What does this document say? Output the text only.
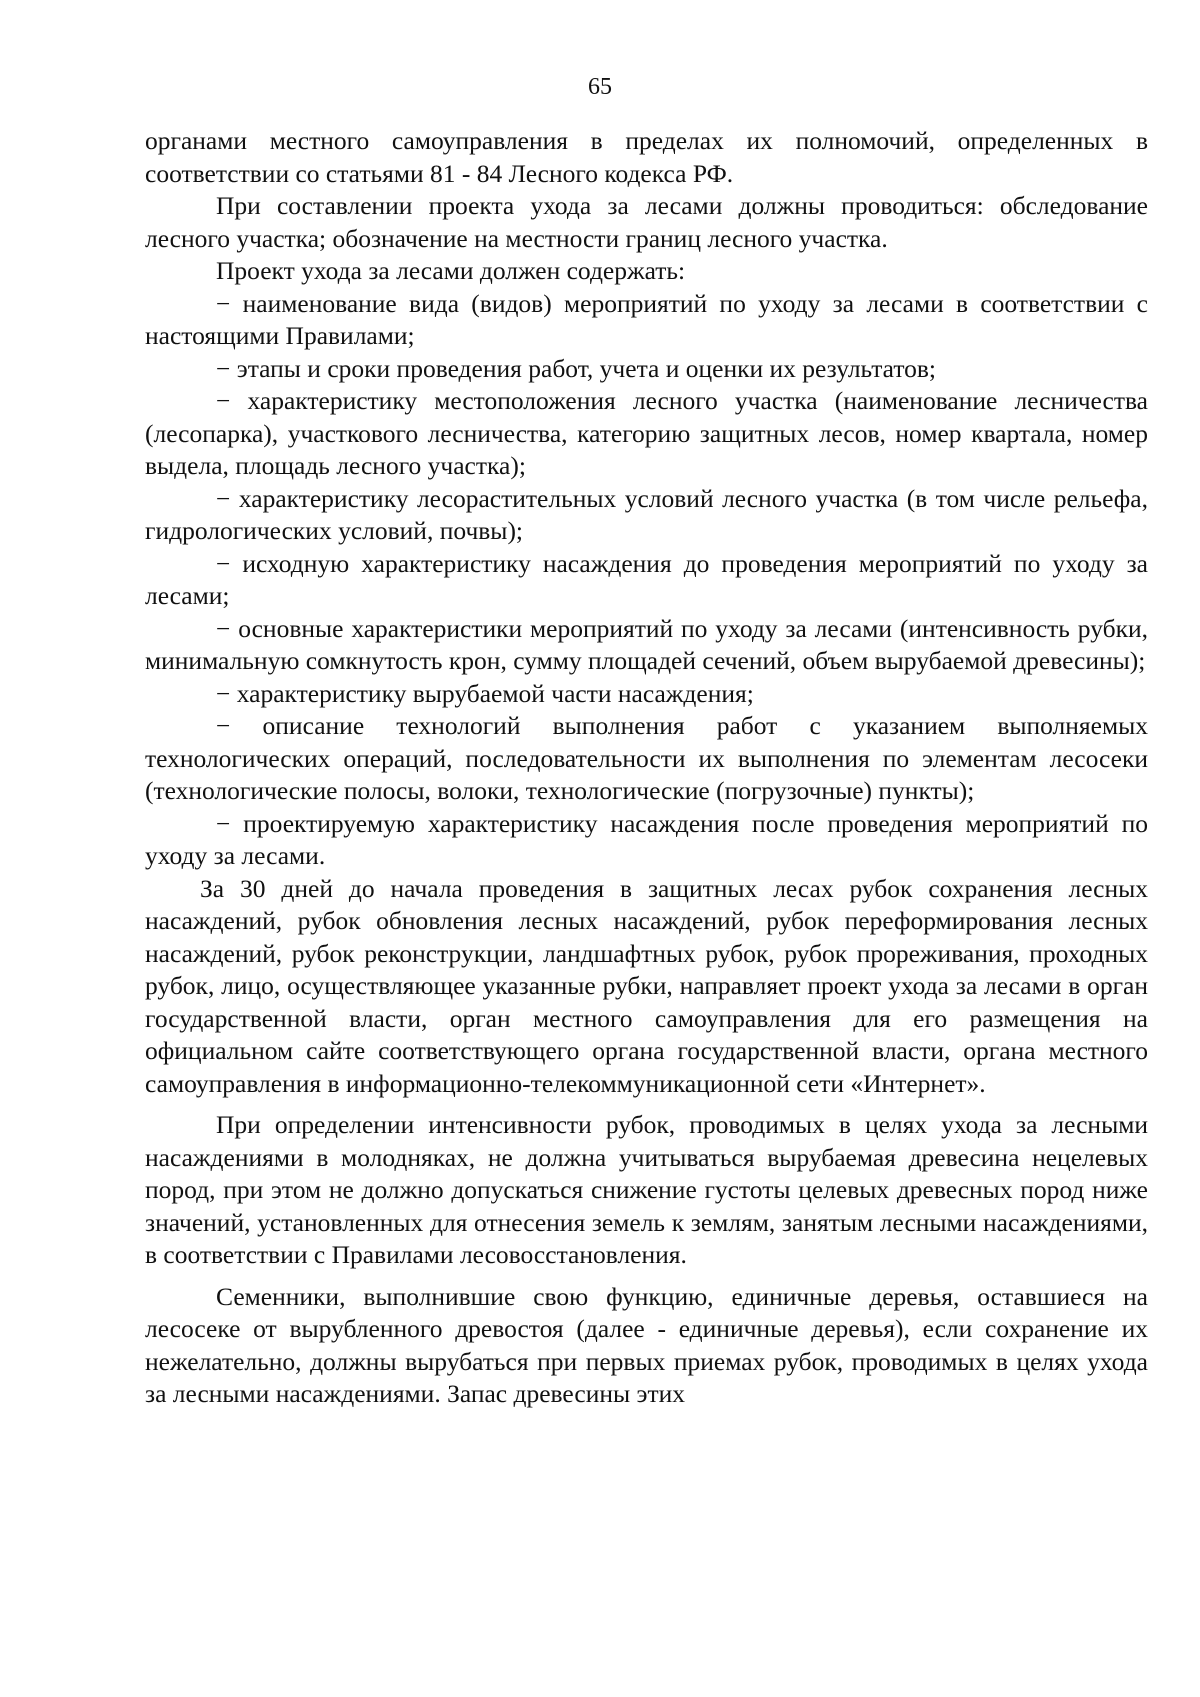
65

органами местного самоуправления в пределах их полномочий, определенных в соответствии со статьями 81 - 84 Лесного кодекса РФ.

При составлении проекта ухода за лесами должны проводиться: обследование лесного участка; обозначение на местности границ лесного участка.

Проект ухода за лесами должен содержать:

− наименование вида (видов) мероприятий по уходу за лесами в соответствии с настоящими Правилами;

− этапы и сроки проведения работ, учета и оценки их результатов;

− характеристику местоположения лесного участка (наименование лесничества (лесопарка), участкового лесничества, категорию защитных лесов, номер квартала, номер выдела, площадь лесного участка);

− характеристику лесорастительных условий лесного участка (в том числе рельефа, гидрологических условий, почвы);

− исходную характеристику насаждения до проведения мероприятий по уходу за лесами;

− основные характеристики мероприятий по уходу за лесами (интенсивность рубки, минимальную сомкнутость крон, сумму площадей сечений, объем вырубаемой древесины);

− характеристику вырубаемой части насаждения;

− описание технологий выполнения работ с указанием выполняемых технологических операций, последовательности их выполнения по элементам лесосеки (технологические полосы, волоки, технологические (погрузочные) пункты);

− проектируемую характеристику насаждения после проведения мероприятий по уходу за лесами.

За 30 дней до начала проведения в защитных лесах рубок сохранения лесных насаждений, рубок обновления лесных насаждений, рубок переформирования лесных насаждений, рубок реконструкции, ландшафтных рубок, рубок прореживания, проходных рубок, лицо, осуществляющее указанные рубки, направляет проект ухода за лесами в орган государственной власти, орган местного самоуправления для его размещения на официальном сайте соответствующего органа государственной власти, органа местного самоуправления в информационно-телекоммуникационной сети «Интернет».

При определении интенсивности рубок, проводимых в целях ухода за лесными насаждениями в молодняках, не должна учитываться вырубаемая древесина нецелевых пород, при этом не должно допускаться снижение густоты целевых древесных пород ниже значений, установленных для отнесения земель к землям, занятым лесными насаждениями, в соответствии с Правилами лесовосстановления.

Семенники, выполнившие свою функцию, единичные деревья, оставшиеся на лесосеке от вырубленного древостоя (далее - единичные деревья), если сохранение их нежелательно, должны вырубаться при первых приемах рубок, проводимых в целях ухода за лесными насаждениями. Запас древесины этих
